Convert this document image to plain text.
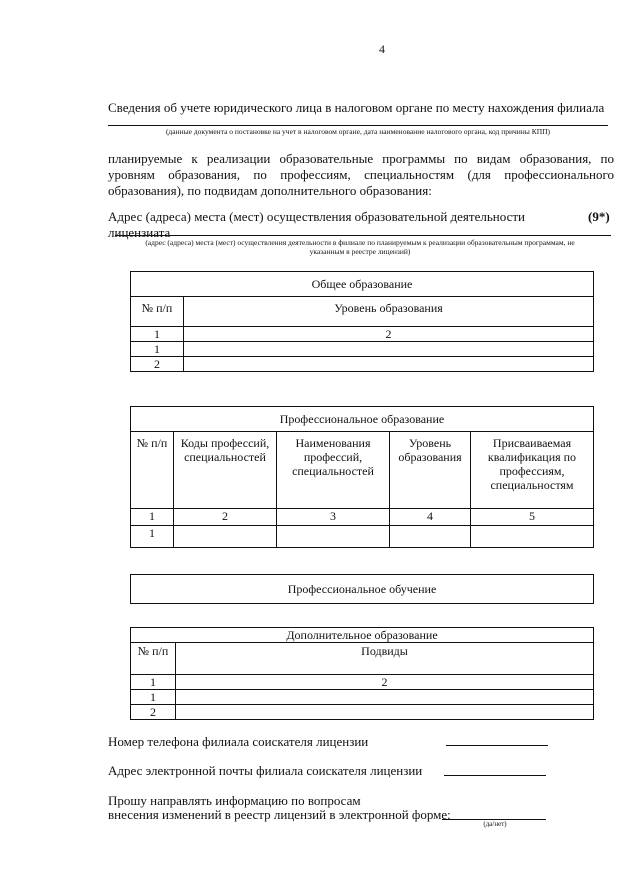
4
Сведения об учете юридического лица в налоговом органе по месту нахождения филиала
(данные документа о постановке на учет в налоговом органе, дата наименование налогового органа, код причины КПП)
планируемые к реализации образовательные программы по видам образования, по уровням образования, по профессиям, специальностям (для профессионального образования), по подвидам дополнительного образования:
Адрес (адреса) места (мест) осуществления образовательной деятельности лицензиата
(9*)
(адрес (адреса) места (мест) осуществления деятельности в филиале по планируемым к реализации образовательным программам, не указанным в реестре лицензий)
Общее образование	
№ п/п	Уровень образования
1	2
1	
2	
Профессиональное образование				
№ п/п	Коды профессий, специальностей	Наименования профессий, специальностей	Уровень образования	Присваиваемая квалификация по профессиям, специальностям
1	2	3	4	5
1				
Профессиональное обучение
Дополнительное образование	
№ п/п	Подвиды
1	2
1	
2	
Номер телефона филиала соискателя лицензии
Адрес электронной почты филиала соискателя лицензии
Прошу направлять информацию по вопросам
внесения изменений в реестр лицензий в электронной форме:
(да/нет)
